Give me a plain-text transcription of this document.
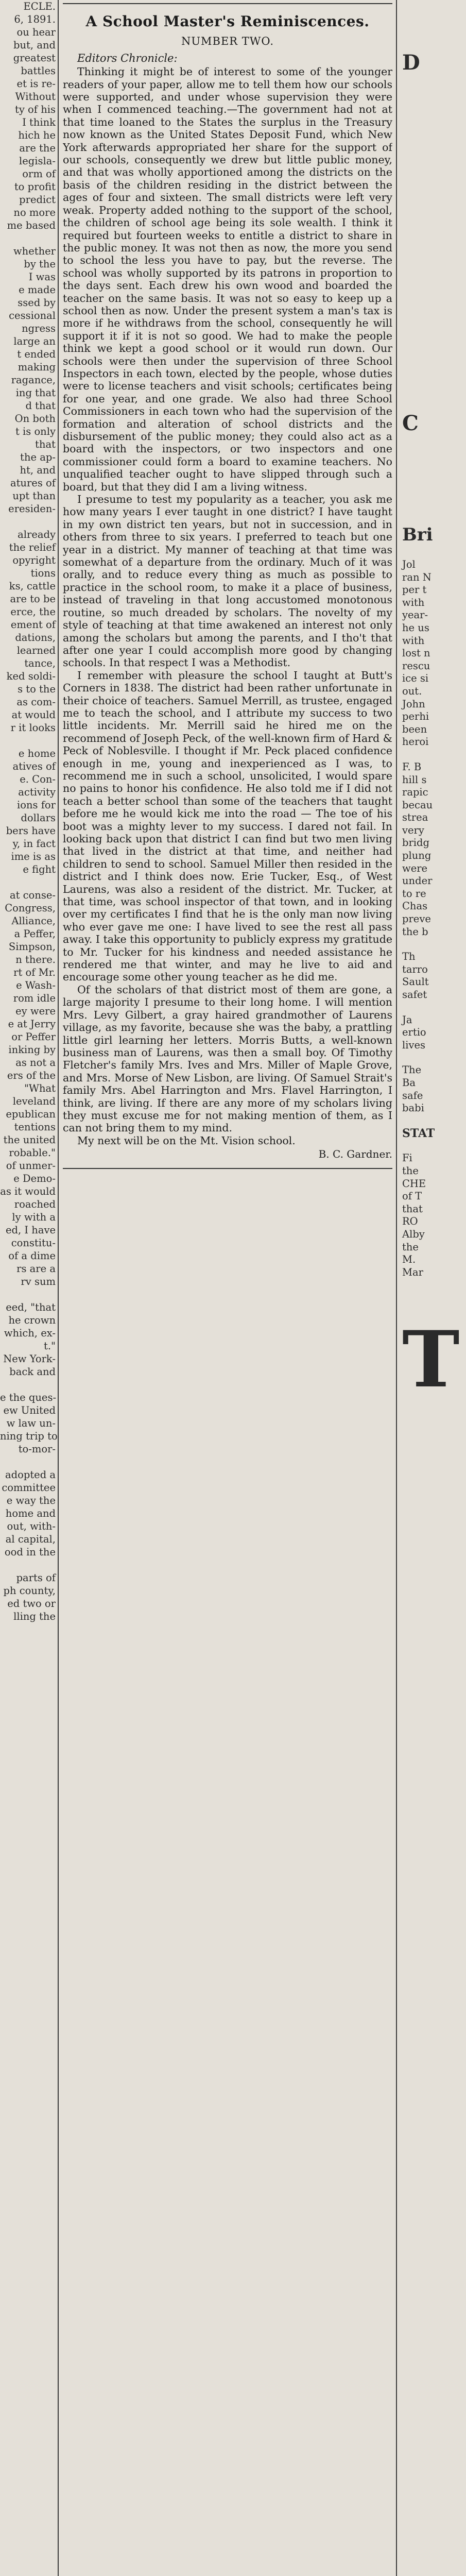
ECLE.
6, 1891.
ou hear
but, and
greatest
battles
et is re-
Without
ty of his
I think
hich he
are the
legisla-
orm of
to profit
predict
no more
me based
whether
by the
I was
e made
ssed by
cessional
ngress
large an
t ended
making
ragance,
ing that
d that
On both
t is only
that
the ap-
ht, and
atures of
upt than
eresiden-
already
the relief
opyright
tions
ks, cattle
are to be
erce, the
ement of
dations,
learned
tance,
ked soldi-
s to the
as com-
at would
r it looks
e home
atives of
e. Con-
activity
ions for
dollars
bers have
y, in fact
ime is as
e fight
at conse-
Congress,
Alliance,
a Peffer,
Simpson,
n there.
rt of Mr.
e Wash-
rom idle
ey were
e at Jerry
or Peffer
inking by
as not a
ers of the
"What
leveland
epublican
tentions
the united
robable."
of unmer-
e Demo-
as it would
roached
ly with a
ed, I have
constitu-
of a dime
rs are a
rv sum
eed, "that
he crown
which, ex-
t."
New York-
back and
e the ques-
ew United
w law un-
ning trip to
to-mor-
adopted a
committee
e way the
home and
out, with-
al capital,
ood in the
parts of
ph county,
ed two or
lling the
A School Master's Reminiscences.
NUMBER TWO.
Editors Chronicle:

Thinking it might be of interest to some of the younger readers of your paper, allow me to tell them how our schools were supported, and under whose supervision they were when I commenced teaching.—The government had not at that time loaned to the States the surplus in the Treasury now known as the United States Deposit Fund, which New York afterwards appropriated her share for the support of our schools, consequently we drew but little public money, and that was wholly apportioned among the districts on the basis of the children residing in the district between the ages of four and sixteen. The small districts were left very weak. Property added nothing to the support of the school, the children of school age being its sole wealth. I think it required but fourteen weeks to entitle a district to share in the public money. It was not then as now, the more you send to school the less you have to pay, but the reverse. The school was wholly supported by its patrons in proportion to the days sent. Each drew his own wood and boarded the teacher on the same basis. It was not so easy to keep up a school then as now. Under the present system a man's tax is more if he withdraws from the school, consequently he will support it if it is not so good. We had to make the people think we kept a good school or it would run down. Our schools were then under the supervision of three School Inspectors in each town, elected by the people, whose duties were to license teachers and visit schools; certificates being for one year, and one grade. We also had three School Commissioners in each town who had the supervision of the formation and alteration of school districts and the disbursement of the public money; they could also act as a board with the inspectors, or two inspectors and one commissioner could form a board to examine teachers. No unqualified teacher ought to have slipped through such a board, but that they did I am a living witness.

I presume to test my popularity as a teacher, you ask me how many years I ever taught in one district? I have taught in my own district ten years, but not in succession, and in others from three to six years. I preferred to teach but one year in a district. My manner of teaching at that time was somewhat of a departure from the ordinary. Much of it was orally, and to reduce every thing as much as possible to practice in the school room, to make it a place of business, instead of traveling in that long accustomed monotonous routine, so much dreaded by scholars. The novelty of my style of teaching at that time awakened an interest not only among the scholars but among the parents, and I tho't that after one year I could accomplish more good by changing schools. In that respect I was a Methodist.

I remember with pleasure the school I taught at Butt's Corners in 1838. The district had been rather unfortunate in their choice of teachers. Samuel Merrill, as trustee, engaged me to teach the school, and I attribute my success to two little incidents. Mr. Merrill said he hired me on the recommend of Joseph Peck, of the well-known firm of Hard & Peck of Noblesville. I thought if Mr. Peck placed confidence enough in me, young and inexperienced as I was, to recommend me in such a school, unsolicited, I would spare no pains to honor his confidence. He also told me if I did not teach a better school than some of the teachers that taught before me he would kick me into the road — The toe of his boot was a mighty lever to my success. I dared not fail. In looking back upon that district I can find but two men living that lived in the district at that time, and neither had children to send to school. Samuel Miller then resided in the district and I think does now. Erie Tucker, Esq., of West Laurens, was also a resident of the district. Mr. Tucker, at that time, was school inspector of that town, and in looking over my certificates I find that he is the only man now living who ever gave me one: I have lived to see the rest all pass away. I take this opportunity to publicly express my gratitude to Mr. Tucker for his kindness and needed assistance he rendered me that winter, and may he live to aid and encourage some other young teacher as he did me.

Of the scholars of that district most of them are gone, a large majority I presume to their long home. I will mention Mrs. Levy Gilbert, a gray haired grandmother of Laurens village, as my favorite, because she was the baby, a prattling little girl learning her letters. Morris Butts, a well-known business man of Laurens, was then a small boy. Of Timothy Fletcher's family Mrs. Ives and Mrs. Miller of Maple Grove, and Mrs. Morse of New Lisbon, are living. Of Samuel Strait's family Mrs. Abel Harrington and Mrs. Flavel Harrington, I think, are living. If there are any more of my scholars living they must excuse me for not making mention of them, as I can not bring them to my mind.

My next will be on the Mt. Vision school.

B. C. Gardner.
D
C
Bri
Jol
ran N
per t
with
year-
he us
with
lost n
rescu
ice si
out.
John
perhi
been
heroi
F. B
hill s
rapic
becau
strea
very
bridg
plung
were
under
to re
Chas
preve
the b
Th
tarro
Sault
safet
Ja
ertio
lives
The
Ba
safe
babi
STAT
Fi
the
CHE
of T
that
RO
Alby
the
M.
Mar
T
